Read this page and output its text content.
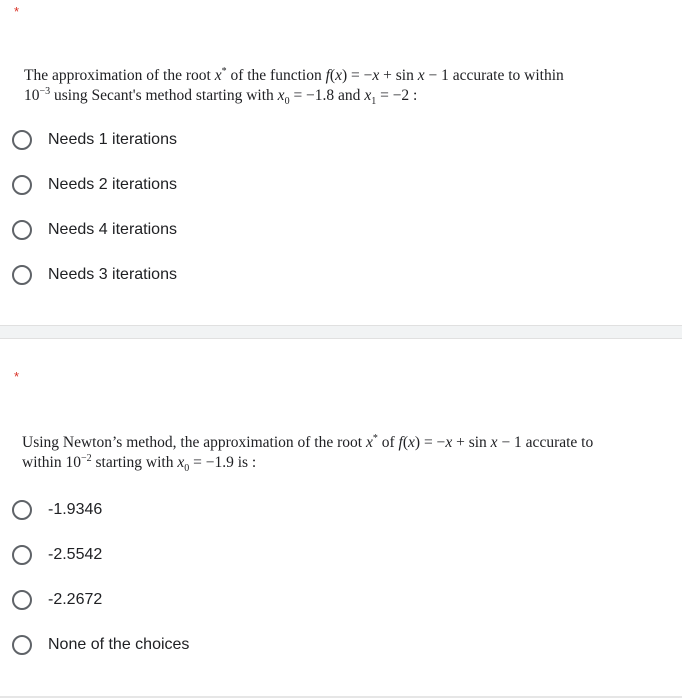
*
The approximation of the root x* of the function f(x) = −x + sin x − 1 accurate to within
$10^{-3}$ using Secant's method starting with $x_0 = -1.8$ and $x_1 = -2$ :
Needs 1 iterations
Needs 2 iterations
Needs 4 iterations
Needs 3 iterations
*
Using Newton’s method, the approximation of the root x* of f(x) = −x + sin x − 1 accurate to
within $10^{-2}$ starting with $x_0 = -1.9$ is :
-1.9346
-2.5542
-2.2672
None of the choices
